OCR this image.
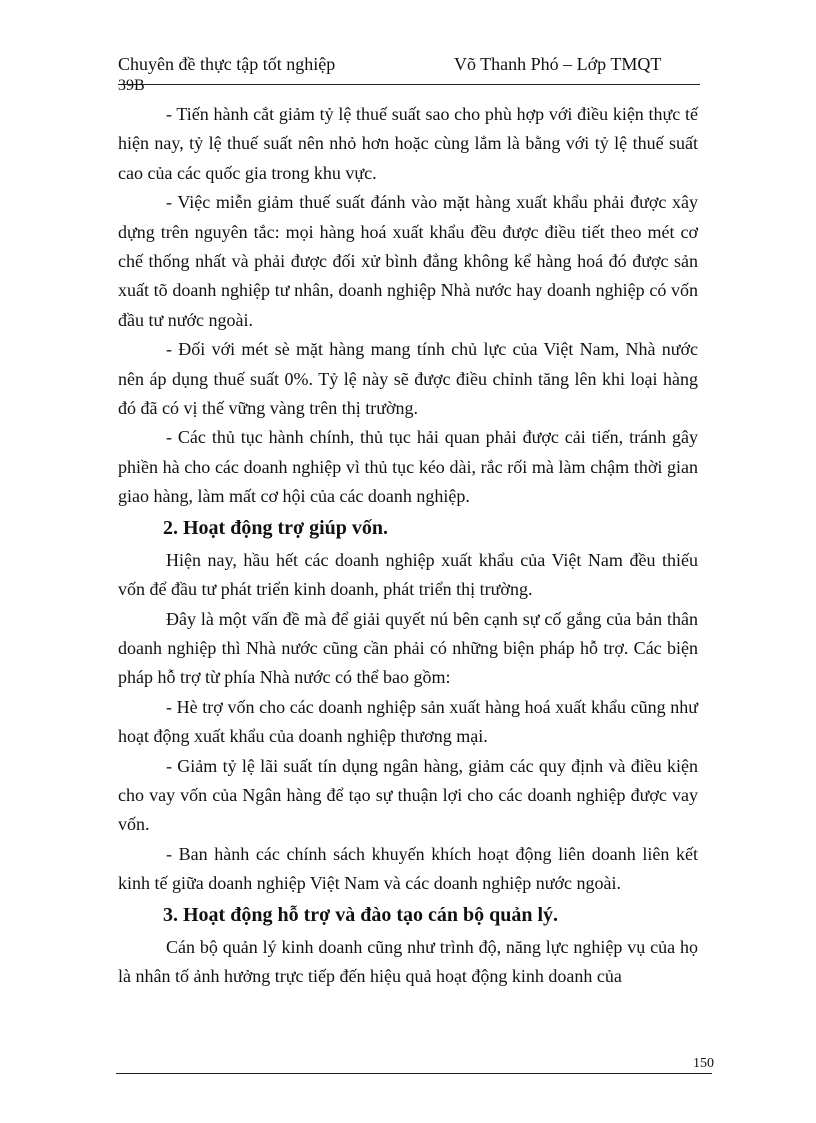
Chuyên đề thực tập tốt nghiệp	Võ Thanh Phó – Lớp TMQT
39B

- Tiến hành cắt giảm tỷ lệ thuế suất sao cho phù hợp với điều kiện thực tế hiện nay, tỷ lệ thuế suất nên nhỏ hơn hoặc cùng lắm là bằng với tỷ lệ thuế suất cao của các quốc gia trong khu vực.

- Việc miễn giảm thuế suất đánh vào mặt hàng xuất khẩu phải được xây dựng trên nguyên tắc: mọi hàng hoá xuất khẩu đều được điều tiết theo mét cơ chế thống nhất và phải được đối xử bình đẳng không kể hàng hoá đó được sản xuất tõ doanh nghiệp tư nhân, doanh nghiệp Nhà nước hay doanh nghiệp có vốn đầu tư nước ngoài.

- Đối với mét sè mặt hàng mang tính chủ lực của Việt Nam, Nhà nước nên áp dụng thuế suất 0%. Tỷ lệ này sẽ được điều chỉnh tăng lên khi loại hàng đó đã có vị thế vững vàng trên thị trường.

- Các thủ tục hành chính, thủ tục hải quan phải được cải tiến, tránh gây phiền hà cho các doanh nghiệp vì thủ tục kéo dài, rắc rối mà làm chậm thời gian giao hàng, làm mất cơ hội của các doanh nghiệp.

2. Hoạt động trợ giúp vốn.

Hiện nay, hầu hết các doanh nghiệp xuất khẩu của Việt Nam đều thiếu vốn để đầu tư phát triển kinh doanh, phát triển thị trường.

Đây là một vấn đề mà để giải quyết nú bên cạnh sự cố gắng của bản thân doanh nghiệp thì Nhà nước cũng cần phải có những biện pháp hỗ trợ. Các biện pháp hỗ trợ từ phía Nhà nước có thể bao gồm:

- Hè trợ vốn cho các doanh nghiệp sản xuất hàng hoá xuất khẩu cũng như hoạt động xuất khẩu của doanh nghiệp thương mại.

- Giảm tỷ lệ lãi suất tín dụng ngân hàng, giảm các quy định và điều kiện cho vay vốn của Ngân hàng để tạo sự thuận lợi cho các doanh nghiệp được vay vốn.

- Ban hành các chính sách khuyến khích hoạt động liên doanh liên kết kinh tế giữa doanh nghiệp Việt Nam và các doanh nghiệp nước ngoài.

3. Hoạt động hỗ trợ và đào tạo cán bộ quản lý.

Cán bộ quản lý kinh doanh cũng như trình độ, năng lực nghiệp vụ của họ là nhân tố ảnh hưởng trực tiếp đến hiệu quả hoạt động kinh doanh của

150
